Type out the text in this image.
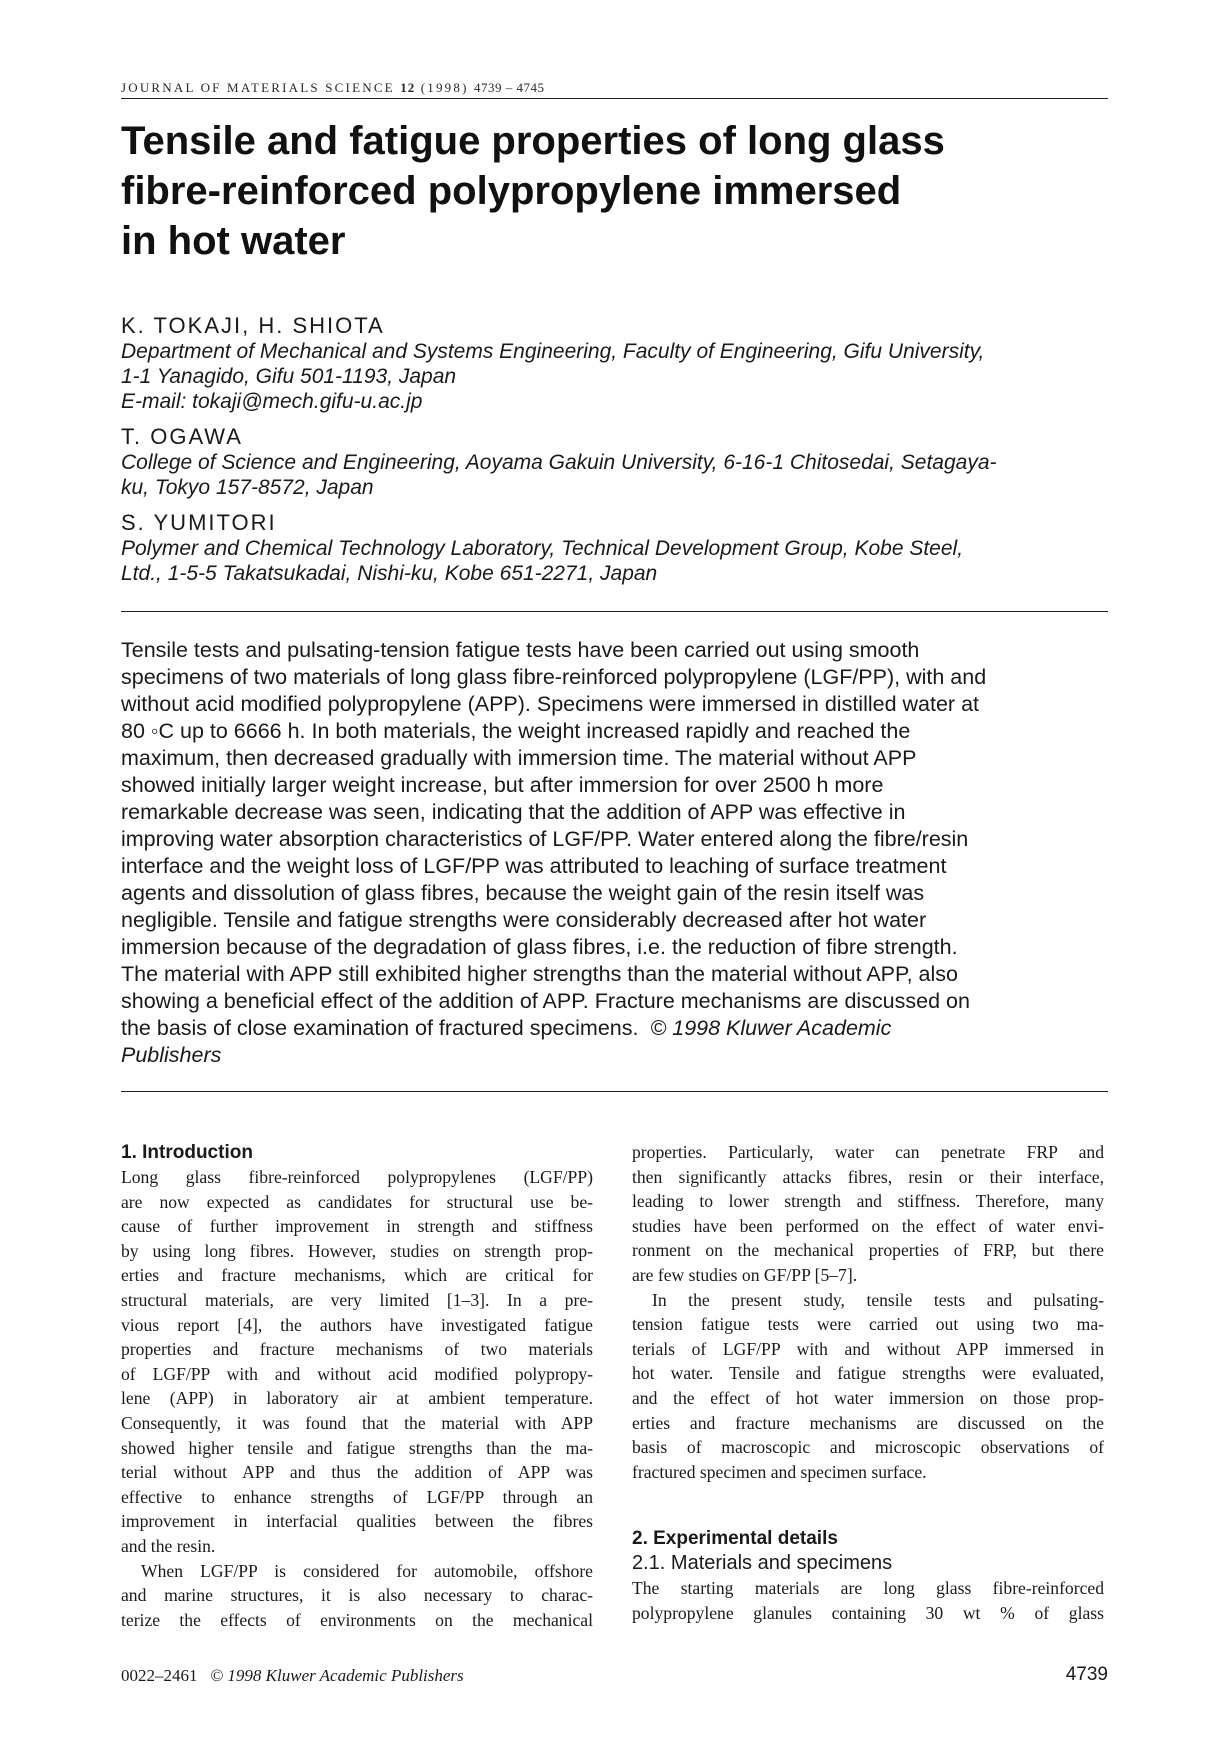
JOURNAL OF MATERIALS SCIENCE 12 (1998) 4739 – 4745
Tensile and fatigue properties of long glass
fibre-reinforced polypropylene immersed
in hot water
K. TOKAJI, H. SHIOTA
Department of Mechanical and Systems Engineering, Faculty of Engineering, Gifu University,
1-1 Yanagido, Gifu 501-1193, Japan
E-mail: tokaji@mech.gifu-u.ac.jp
T. OGAWA
College of Science and Engineering, Aoyama Gakuin University, 6-16-1 Chitosedai, Setagaya-
ku, Tokyo 157-8572, Japan
S. YUMITORI
Polymer and Chemical Technology Laboratory, Technical Development Group, Kobe Steel,
Ltd., 1-5-5 Takatsukadai, Nishi-ku, Kobe 651-2271, Japan
Tensile tests and pulsating-tension fatigue tests have been carried out using smooth
specimens of two materials of long glass fibre-reinforced polypropylene (LGF/PP), with and
without acid modified polypropylene (APP). Specimens were immersed in distilled water at
80 ◦C up to 6666 h. In both materials, the weight increased rapidly and reached the
maximum, then decreased gradually with immersion time. The material without APP
showed initially larger weight increase, but after immersion for over 2500 h more
remarkable decrease was seen, indicating that the addition of APP was effective in
improving water absorption characteristics of LGF/PP. Water entered along the fibre/resin
interface and the weight loss of LGF/PP was attributed to leaching of surface treatment
agents and dissolution of glass fibres, because the weight gain of the resin itself was
negligible. Tensile and fatigue strengths were considerably decreased after hot water
immersion because of the degradation of glass fibres, i.e. the reduction of fibre strength.
The material with APP still exhibited higher strengths than the material without APP, also
showing a beneficial effect of the addition of APP. Fracture mechanisms are discussed on
the basis of close examination of fractured specimens. © 1998 Kluwer Academic
Publishers
1. Introduction
Long glass fibre-reinforced polypropylenes (LGF/PP)
are now expected as candidates for structural use be-
cause of further improvement in strength and stiffness
by using long fibres. However, studies on strength prop-
erties and fracture mechanisms, which are critical for
structural materials, are very limited [1–3]. In a pre-
vious report [4], the authors have investigated fatigue
properties and fracture mechanisms of two materials
of LGF/PP with and without acid modified polypropy-
lene (APP) in laboratory air at ambient temperature.
Consequently, it was found that the material with APP
showed higher tensile and fatigue strengths than the ma-
terial without APP and thus the addition of APP was
effective to enhance strengths of LGF/PP through an
improvement in interfacial qualities between the fibres
and the resin.
When LGF/PP is considered for automobile, offshore
and marine structures, it is also necessary to charac-
terize the effects of environments on the mechanical
properties. Particularly, water can penetrate FRP and
then significantly attacks fibres, resin or their interface,
leading to lower strength and stiffness. Therefore, many
studies have been performed on the effect of water envi-
ronment on the mechanical properties of FRP, but there
are few studies on GF/PP [5–7].
In the present study, tensile tests and pulsating-
tension fatigue tests were carried out using two ma-
terials of LGF/PP with and without APP immersed in
hot water. Tensile and fatigue strengths were evaluated,
and the effect of hot water immersion on those prop-
erties and fracture mechanisms are discussed on the
basis of macroscopic and microscopic observations of
fractured specimen and specimen surface.
2. Experimental details
2.1. Materials and specimens
The starting materials are long glass fibre-reinforced
polypropylene glanules containing 30 wt % of glass
0022–2461 © 1998 Kluwer Academic Publishers	4739
